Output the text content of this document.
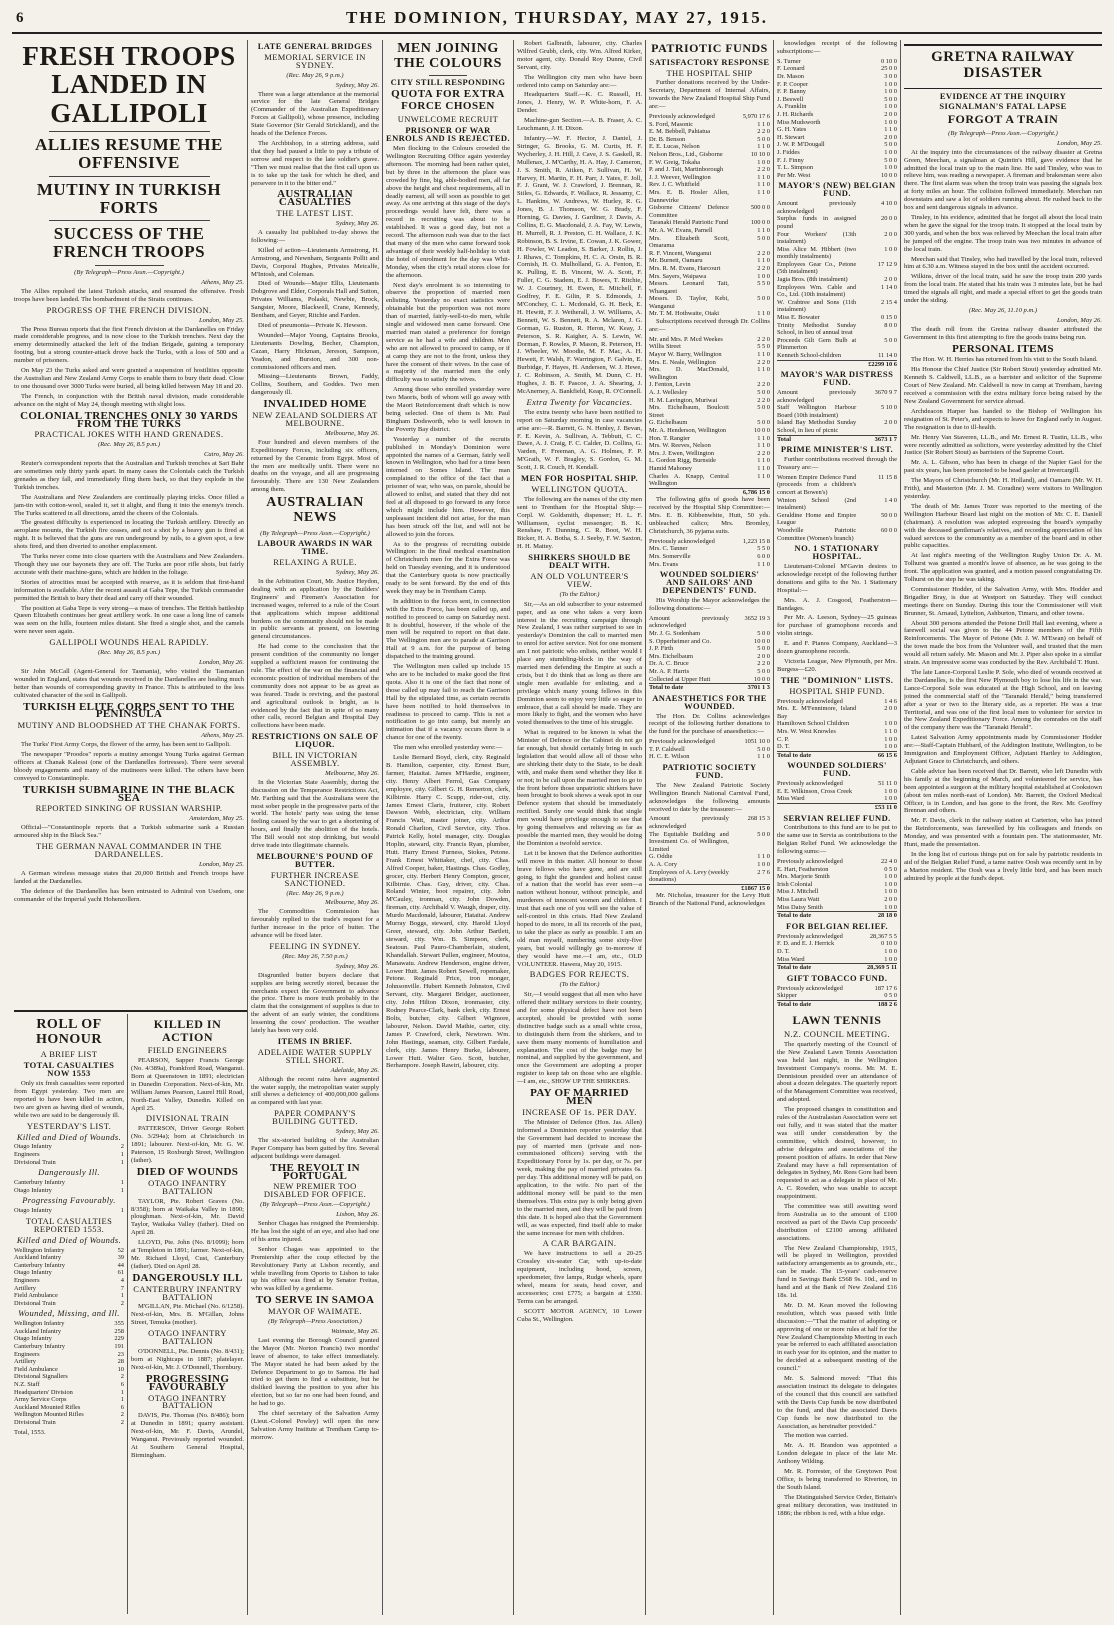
6	THE DOMINION, THURSDAY, MAY 27, 1915.
FRESH TROOPS LANDED IN GALLIPOLI
ALLIES RESUME THE OFFENSIVE
MUTINY IN TURKISH FORTS
SUCCESS OF THE FRENCH TROOPS
(By Telegraph—Press Assn.—Copyright.)
Athens, May 25.

The Allies repulsed the latest Turkish attacks, and resumed the offensive. Fresh troops have been landed. The bombardment of the Straits continues.

PROGRESS OF THE FRENCH DIVISION.
London, May 25.

The Press Bureau reports that the first French division at the Dardanelles on Friday made considerable progress, and is now close to the Turkish trenches. Next day the enemy determinedly attacked the left of the Indian Brigade, gaining a temporary footing, but a strong counter-attack drove back the Turks, with a loss of 500 and a number of prisoners.

On May 23 the Turks asked and were granted a suspension of hostilities opposite the Australian and New Zealand Army Corps to enable them to bury their dead. Close to one thousand over 3000 Turks were buried, all being killed between May 18 and 20.

The French, in conjunction with the British naval division, made considerable advance on the night of May 24, though meeting with slight loss.

COLONIAL TRENCHES ONLY 30 YARDS FROM THE TURKS
PRACTICAL JOKES WITH HAND GRENADES.
(Rec. May 26, 8.5 p.m.)
Cairo, May 26.

Reuter's correspondent reports that the Australian and Turkish trenches at Sari Bahr are sometimes only thirty yards apart. In many cases the Colonials catch the Turkish grenades as they fall, and immediately fling them back, so that they explode in the Turkish trenches.

The Australians and New Zealanders are continually playing tricks. Once filled a jam-tin with cotton-wool, sealed it, set it alight, and flung it into the enemy's trench. The Turks scattered in all directions, amid the cheers of the Colonials.

The greatest difficulty is experienced in locating the Turkish artillery. Directly an aeroplane mounts, the Turkish fire ceases, and not a shot by a heavy gun is fired at night. It is believed that the guns are run underground by rails, to a given spot, a few shots fired, and then diverted to another emplacement.

The Turks never come into close quarters with the Australians and New Zealanders. Though they use our bayonets they are off. The Turks are poor rifle shots, but fairly accurate with their machine-guns, which are hidden in the foliage.

Stories of atrocities must be accepted with reserve, as it is seldom that first-hand information is available. After the recent assault at Gaba Tepe, the Turkish commander permitted the British to bury their dead and carry off their wounded.

The position at Gaba Tepe is very strong—a mass of trenches. The British battleship Queen Elizabeth continues her great artillery work. In one case a long line of camels was seen on the hills, fourteen miles distant. She fired a single shot, and the camels were never seen again.

GALLIPOLI WOUNDS HEAL RAPIDLY.
(Rec. May 26, 8.5 p.m.)
London, May 26.

Sir John McCall (Agent-General for Tasmania), who visited the Tasmanian wounded in England, states that wounds received in the Dardanelles are healing much better than wounds of corresponding gravity in France. This is attributed to the less cultivated character of the soil in Gallipoli.

TURKISH ELITE CORPS SENT TO THE PENINSULA
MUTINY AND BLOODSHED AT THE CHANAK FORTS.
Athens, May 25.

The Turks' First Army Corps, the flower of the army, has been sent to Gallipoli.

The newspaper "Proodos" reports a mutiny amongst Young Turks against German officers at Chanak Kalessi (one of the Dardanelles fortresses). There were several bloody engagements and many of the mutineers were killed. The others have been conveyed to Constantinople.

TURKISH SUBMARINE IN THE BLACK SEA
REPORTED SINKING OF RUSSIAN WARSHIP.
Amsterdam, May 25.

Official—"Constantinople reports that a Turkish submarine sank a Russian armoured ship in the Black Sea."

THE GERMAN NAVAL COMMANDER IN THE DARDANELLES.
London, May 25.

A German wireless message states that 20,000 British and French troops have landed at the Dardanelles.

The defence of the Dardanelles has been entrusted to Admiral von Usedom, one commander of the Imperial yacht Hohenzollern.

ROLL OF HONOUR
A BRIEF LIST
TOTAL CASUALTIES NOW 1553

Only six fresh casualties were reported from Egypt yesterday. Two men are reported to have been killed in action, two are given as having died of wounds, while two are said to be dangerously ill.

YESTERDAY'S LIST.
Killed and Died of Wounds.
Otago Infantry	2
Engineers	1
Divisional Train	1
Dangerously Ill.
Canterbury Infantry	1
Otago Infantry	1
Progressing Favourably.
Otago Infantry	1
TOTAL CASUALTIES REPORTED 1553.
Killed and Died of Wounds.
Wellington Infantry	52
Auckland Infantry	39
Canterbury Infantry	44
Otago Infantry	61
Engineers	4
Artillery	7
Field Ambulance	1
Divisional Train	2
Wounded, Missing, and Ill.
Wellington Infantry	355
Auckland Infantry	258
Otago Infantry	229
Canterbury Infantry	191
Engineers	23
Artillery	28
Field Ambulance	10
Divisional Signallers	2
N.Z. Staff	6
Headquarters' Division	1
Army Service Corps	1
Auckland Mounted Rifles	6
Wellington Mounted Rifles	2
Divisional Train	2
Total, 1553.
KILLED IN ACTION
FIELD ENGINEERS

PEARSON, Sapper Francis George (No. 4/389a), Frankford Road, Wanganui. Born at Queenstown in 1891; electrician in Dunedin Corporation. Next-of-kin, Mr. William James Pearson, Laurel Hill Road, North-East Valley, Dunedin. Killed on April 25.

DIVISIONAL TRAIN

PATTERSON, Driver George Robert (No. 3/294a); born at Christchurch in 1891; labourer. Next-of-kin, Mr. G. W. Paterson, 15 Roxburgh Street, Wellington (father).

DIED OF WOUNDS
OTAGO INFANTRY BATTALION

TAYLOR, Pte. Robert Graves (No. 8/358); born at Waikaka Valley in 1890; ploughman. Next-of-kin, Mr. David Taylor, Waikaka Valley (father). Died on April 28.

LLOYD, Pte. John (No. 8/1099); born at Templeton in 1891; farmer. Next-of-kin, Mr. Richard Lloyd, Cust, Canterbury (father). Died on April 28.

DANGEROUSLY ILL
CANTERBURY INFANTRY BATTALION

M'GILLAN, Pte. Michael (No. 6/1258). Next-of-kin, Mrs. B. M'Gillan, Johns Street, Temuka (mother).

OTAGO INFANTRY BATTALION

O'DONNELL, Pte. Dennis (No. 8/431); born at Nightcaps in 1887; platelayer. Next-of-kin, Mr. J. O'Donnell, Thornbury.

PROGRESSING FAVOURABLY
OTAGO INFANTRY BATTALION

DAVIS, Pte. Thomas (No. 8/486); born at Dunedin in 1891; quarry assistant. Next-of-kin, Mr. F. Davis, Arundel, Wanganui. Previously reported wounded. At Southern General Hospital, Birmingham.

LATE GENERAL BRIDGES
MEMORIAL SERVICE IN SYDNEY.
(Rec. May 26, 9 p.m.)
Sydney, May 26.

There was a large attendance at the memorial service for the late General Bridges (Commander of the Australian Expeditionary Forces at Gallipoli), whose presence, including State Governor (Sir Gerald Strickland), and the heads of the Defence Forces.

The Archbishop, in a stirring address, said that they had paused a little to pay a tribute of sorrow and respect to the late soldier's grave. "Then we must realise that the first call upon us is to take up the task for which he died, and persevere in it to the bitter end."

AUSTRALIAN CASUALTIES
THE LATEST LIST.
Sydney, May 26.

A casualty list published to-day shows the following:—

Killed of action—Lieutenants Armstrong, H. Armstrong, and Newnham, Sergeants Pollit and Davis, Corporal Hughes, Privates Metcalfe, M'Intosh, and Coleman.

Died of Wounds—Major Ellis, Lieutenants Dobgrove and Elder, Corporals Hall and Sutton, Privates Williams, Polaski, Newbie, Brock, Sangster, Moore, Blackwell, Crane, Kennedy, Bentham, and Geyer, Ritchie and Farden.

Died of pneumonia—Private K. Hewson.

Wounded—Major Young, Captains Brooks, Lieutenants Dowling, Becher, Champion, Cazan, Harry Hickman, Jereson, Sampson, Yeadon, and Burston, and 300 non-commissioned officers and men.

Missing—Lieutenants Brown, Faddy, Collins, Southern, and Goddes. Two men dangerously ill.

INVALIDED HOME
NEW ZEALAND SOLDIERS AT MELBOURNE.
Melbourne, May 26.

Four hundred and eleven members of the Expeditionary Forces, including six officers, returned by the Ceramic from Egypt. Most of the men are medically unfit. There were no deaths on the voyage, and all are progressing favourably. There are 130 New Zealanders among them.

AUSTRALIAN NEWS
(By Telegraph—Press Assn.—Copyright.)
LABOUR AWARDS IN WAR TIME.
RELAXING A RULE.
Sydney, May 26.

In the Arbitration Court, Mr. Justice Heydon, dealing with an application by the Builders' Engineers' and Firemen's Association for increased wages, referred to a rule of the Court that applications which impose additional burdens on the community should not be made in public servants at present, on lowering general circumstances.

He had come to the conclusion that the present condition of the community no longer supplied a sufficient reason for continuing the rule. The effect of the war on the financial and economic position of individual members of the community does not appear to be as great as was feared. Trade is reviving, and the pastoral and agricultural outlook is bright, as is evidenced by the fact that in spite of so many other calls, record Belgian and Hospital Day collections have been made.

RESTRICTIONS ON SALE OF LIQUOR.
BILL IN VICTORIAN ASSEMBLY.
Melbourne, May 26.

In the Victorian State Assembly, during the discussion on the Temperance Restrictions Act, Mr. Farthing said that the Australians were the most sober people in the progressive parts of the world. The hotels' party was using the tense feeling caused by the war to get a shortening of hours, and finally the abolition of the hotels. The Bill would not stop drinking, but would drive trade into illegitimate channels.

MELBOURNE'S POUND OF BUTTER.
FURTHER INCREASE SANCTIONED.
(Rec. May 26, 9 p.m.)
Melbourne, May 26.

The Commodities Commission has favourably replied to the trade's request for a further increase in the price of butter. The advance will be fixed later.

FEELING IN SYDNEY.
(Rec. May 26, 7.50 p.m.)
Sydney, May 26.

Disgruntled butter buyers declare that supplies are being secretly stored, because the merchants expect the Government to advance the price. There is more truth probably in the claim that the consignment of supplies is due to the advent of an early winter, the conditions lessening the cows' production. The weather lately has been very cold.

ITEMS IN BRIEF.
ADELAIDE WATER SUPPLY STILL SHORT.
Adelaide, May 26.

Although the recent rains have augmented the water supply, the metropolitan water supply still shows a deficiency of 400,000,000 gallons as compared with last year.

PAPER COMPANY'S BUILDING GUTTED.
Sydney, May 26.

The six-storied building of the Australian Paper Company has been gutted by fire. Several adjacent buildings were damaged.

THE REVOLT IN PORTUGAL
NEW PREMIER TOO DISABLED FOR OFFICE.
(By Telegraph—Press Assn.—Copyright.)
Lisbon, May 26.

Senhor Chagas has resigned the Premiership. He has lost the sight of an eye, and also had one of his arms injured.

Senhor Chagas was appointed to the Premiership after the coup effected by the Revolutionary Party at Lisbon recently, and while travelling from Oporto to Lisbon to take up his office was fired at by Senator Freitas, who was killed by a gendarme.

TO SERVE IN SAMOA
MAYOR OF WAIMATE.
(By Telegraph—Press Association.)
Waimate, May 26.

Last evening the Borough Council granted the Mayor (Mr. Norton Francis) two months' leave of absence, to take effect immediately. The Mayor stated he had been asked by the Defence Department to go to Samoa. He had tried to get them to find a substitute, but he disliked leaving the position to you after his election, but so far no one had been found, and he had to go.

The chief secretary of the Salvation Army (Lieut.-Colonel Powley) will open the new Salvation Army Institute at Trentham Camp to-morrow.

MEN JOINING THE COLOURS
CITY STILL RESPONDING
QUOTA FOR EXTRA FORCE CHOSEN
UNWELCOME RECRUIT
PRISONER OF WAR ENROLS AND IS REJECTED.

Men flocking to the Colours crowded the Wellington Recruiting Office again yesterday afternoon. The morning had been rather quiet, but by three in the afternoon the place was crowded by fine, big, able-bodied men, all far above the height and chest requirements, all in deadly earnest, all will soon as possible to get away. As one arriving at this stage of the day's proceedings would have felt, there was a record in recruiting was about to be established. It was a good day, but not a record. The afternoon rush was due to the fact that many of the men who came forward took advantage of their weekly half-holiday to visit the hotel of enrolment for the day was Whit-Monday, when the city's retail stores close for the afternoon.

Next day's enrolment is so interesting to observe the proportion of married men enlisting. Yesterday no exact statistics were obtainable but the proportion was not more than of married, fairly-well-to-do men, while single and widowed men came forward. One married man stated a preference for foreign service as he had a wife and children. Men who are not allowed to proceed to camp, or if at camp they are not to the front, unless they have the consent of their wives. In the case of a majority of the married men the only difficulty was to satisfy the wives.

Among those who enrolled yesterday were two Maoris, both of whom will go away with the Maori Reinforcement draft which is now being selected. One of them is Mr. Paul Bingham Dodsworth, who is well known in the Poverty Bay district.

Yesterday a number of the recruits published in Monday's Dominion were appointed the names of a German, fairly well known in Wellington, who had for a time been interned on Somes Island. The man complained to the office of the fact that a prisoner of war, who was, on parole, should be allowed to enlist, and stated that they did not feel at all disposed to go forward in any force which might include him. However, this unpleasant incident did not arise, for the man has been struck off the list, and will not be allowed to join the forces.

As to the progress of recruiting outside Wellington: in the final medical examination of Christchurch men for the Extra Force was held on Tuesday evening, and it is understood that the Canterbury quota is now practically ready to be sent forward. By the end of this week they may be in Trentham Camp.

In addition to the forces sent, in connection with the Extra Force, has been called up, and notified to proceed to camp on Saturday next. It is doubtful, however, if the whole of the men will be required to report on that date. The Wellington men are to parade at Garrison Hall at 9 a.m. for the purpose of being dispatched to the training ground.

The Wellington men called up include 15 who are to be included to make good the first quota. Also it is one of the fact that none of those called up may fail to reach the Garrison Hall by the stipulated time, as certain recruits have been notified to hold themselves in readiness to proceed to camp. This is not a notification to go into camp, but merely an intimation that if a vacancy occurs there is a chance for one of the twenty.

The men who enrolled yesterday were:—

Leslie Bernard Boyd, clerk, city. Reginald B. Hamilton, carpenter, city. Ernest Burr, farmer, Hataitai. James M'Hardie, engineer, city. Henry Albert Ferrol, Gas Company employee, city. Gilbert G. H. Remerton, clerk, Kilbirnie. Harry C. Scupp, rider-out, city. James Ernest Claris, fruiterer, city. Robert Dawson Webb, electrician, city. William Francis Watt, master joiner, city. Arthur Ronald Charlton, Civil Service, city. Thos. Patrick Kelly, hotel manager, city. Douglas Hoplin, steward, city. Francis Ryan, plumber, Hutt. Harry Ernest Furness, Stokes, Petone. Frank Ernest Whittaker, chef, city. Chas. Alfred Cooper, baker, Hastings. Chas. Godley, grocer, city. Herbert Henry Compton, grocer, Kilbirnie. Chas. Guy, driver, city. Chas. Roland Winter, boot repairer, city. John M'Cauley, ironman, city. John Dowden, fireman, city. Archibald V. Waugh, draper, city. Murdo Macdonald, labourer, Hataitai. Andrew Murray Boggs, steward, city. Harold Lloyd Greer, steward, city. John Arthur Bartlett, steward, city. Wm. B. Simpson, clerk, Seatoun. Paul Pauro-Chamberlain, student, Khandallah. Stewart Pullen, engineer, Moutoa, Manawatu. Andrew Henderson, engine driver, Lower Hutt. James Robert Sewell, ropemaker, Petone. Reginald Price, iron monger, Johnsonville. Hubert Kenneth Johnston, Civil Servant, city. Margaret Bridger, auctioneer, city. John Hilton Dixon, ironmaster, city. Rodney Pearce-Clark, bank clerk, city. Ernest Bolts, butcher, city. Gilbert Wigmore, labourer, Nelson. David Mathie, carter, city. James P. Crawford, clerk, Newtown. Wm. John Hastings, seaman, city. Gilbert Fardale, clerk, city. James Henry Burke, labourer, Lower Hutt. Walter Geo. Scott, butcher, Berhampore. Joseph Rawiri, labourer, city.

Robert Galbraith, labourer, city. Charles Wilfred Grubb, clerk, city. Wm. Alfred Kirker, motor agent, city. Donald Roy Dunne, Civil Servant, city.

The Wellington city men who have been ordered into camp on Saturday are:—

Headquarters Staff.—K. C. Russell, H. Jones, J. Henry, W. P. White-horn, F. A. Dender.

Machine-gun Section.—A. B. Fraser, A. C. Leuchmann, J. H. Dixon.

Infantry.—W. F. Hector, J. Daniel, J. Stringer, G. Brooks, G. M. Curtis, H. F. Wycherley, J. H. Hill, J. Cave, J. S. Gaskell, R. Mullenax, J. M'Carthy, H. A. Hay, J. Cameron, J. S. Smith, R. Aitken, F. Sullivan, H. W. Harvey, H. Martin, F. H. Parr, J. Yates, F. Joll, F. J. Grant, W. J. Crawford, J. Brennan, R. Stiles, G. Edwards, F. Wallace, R. Jessamy, C. L. Hankins, W. Andrews, W. Hurley, R. G. Jones, B. J. Thomson, W. G. Brady, F. Horning, G. Davies, J. Gardiner, J. Davis, A. Collins, E. G. Macdonald, J. A. Fay, W. Lewis, H. Murrell, R. J. Preston, C. H. Wallace, J. K. Robinson, B. S. Irvine, E. Cowan, J. K. Gower, H. Fowler, W. Leadon, S. Barker, J. Rollin, J. J. Rhaws, C. Tompkins, H. C. A. Orsin, B. R. Cornish, H. O. Mulholland, G. A. Fenton, E. K. Pulling, E. B. Vincent, W. A. Scott, F. Fuller, C. G. Stadem, E. J. Bowes, T. Ritchie, W. J. Courtney, H. Ewen, E. Mitchell, F. Godfrey, F. E. Gilin, P. S. Edmonds, J. M'Conchey, C. L. Mcdonald, G. H. Beck, E. H. Hewitt, F. J. Wetherall, J. W. Williams, A. Bennett, W. S. Bennett, R. A. Mclaren, J. G. Gorman, G. Ruston, R. Heron, W. Keay, J. Peterson, S. R. Kaigher, A. S. Lewin, W. Dorman, F. Rowles, P. Mason, R. Peterson, H. J. Wheeler, W. Moodie, M. F. Mac, A. H. Hewett, F. Walsh, F. Warrington, F. Galvin, E. Burbidge, F. Hayes, H. Andersen, W. J. Hewe, J. C. Robinson, A. Smith, M. Dunn, C. H. Hughes, J. B. F. Pascoe, J. A. Shearing, J. McAnerney, A. Bankfield, Keap, R. O'Connell.

Extra Twenty for Vacancies.

The extra twenty who have been notified to report on Saturday morning in case vacancies arise are:—R. Barrett, G. N. Henley, J. Bevan, F. E. Kevin, A. Sullivan, A. Tebbutt, C. C. Dawe, A. J. Craig, F. C. Calder, D. Collins, G. Varden, F. Freeman, A. G. Holmes, F. P. M'Grath, W. F. Bragley, S. Gordon, G. M. Scott, J. R. Couch, H. Kendall.

MEN FOR HOSPITAL SHIP.
WELLINGTON QUOTA.

The following are the names of the city men sent to Trentham for the Hospital Ship:—Corpl. W. Goldsmith, dispenser; H. L. F. Williamson, cyclist messenger; B. K. Renshaw, F. Dunning, C. R. Boot, W. H. Bicker, H. A. Botha, S. J. Seeby, F. W. Saxton, H. H. Mattey.

SHIRKERS SHOULD BE DEALT WITH.
AN OLD VOLUNTEER'S VIEW.
(To the Editor.)

Sir,—As an old subscriber to your esteemed paper, and as one who takes a very keen interest in the recruiting campaign through New Zealand, I was rather surprised to see in yesterday's Dominion the call to married men to enrol for active service. Not for one moment am I not patriotic who enlists, neither would I place any stumbling-block in the way of married men defending the Empire at such a crisis, but I do think that as long as there are single men available for enlisting, and a privilege which many young fellows in this Dominion seem to enjoy very little so eager to embrace, that a call should be made. They are more likely to fight, and the women who have voted themselves to the time of his struggle.

What is required to be known is what the Minister of Defence or the Cabinet do not go far enough, but should certainly bring in such legislation that would allow all of those who are shirking their duty to the State, to be dealt with, and make them send whether they like it or not; to be call upon the married men to go to the front before those unpatriotic shirkers have been brought to book shows a weak spot in our Defence system that should be immediately rectified. Surely one would think that single men would have privilege enough to see that by going themselves and relieving as far as possible the married men, they would be doing the Dominion a twofold service.

Let it be known that the Defence authorities will move in this matter. All honour to those brave fellows who have gone, and are still going, to fight the grandest and holiest cause of a nation that the world has ever seen—a nation without honour, without principle, and murderers of innocent women and children. I trust that each one of you will see the value of self-control in this crisis. Had New Zealand hoped to do more, in all its records of the past, to take the place as early as possible. I am an old man myself, numbering some sixty-five years, but would willingly go to-morrow if they would have me.—I am, etc., OLD VOLUNTEER. Hawera, May 20, 1915.

BADGES FOR REJECTS.
(To the Editor.)

Sir,—I would suggest that all men who have offered their military services to their country, and for some physical defect have not been accepted, should be provided with some distinctive badge such as a small white cross, to distinguish them from the shirkers, and to save them many moments of humiliation and explanation. The cost of the badge may be nominal, and supplied by the government, and once the Government are adopting a proper register to keep tab on those who are eligible.—I am, etc., SHOW UP THE SHIRKERS.

PAY OF MARRIED MEN
INCREASE OF 1s. PER DAY.

The Minister of Defence (Hon. Jas. Allen) informed a Dominion reporter yesterday that the Government had decided to increase the pay of married men (private and non-commissioned officers) serving with the Expeditionary Force by 1s. per day, or 7s. per week, making the pay of married privates 6s. per day. This additional money will be paid, on application, to the wife. No part of the additional money will be paid to the men themselves. This extra pay is only being given to the married men, and they will be paid from this date. It is hoped also that the Government will, as was expected, find itself able to make the same increase for men with children.

A CAR BARGAIN.

We have instructions to sell a 20-25 Crossley six-seater Car, with up-to-date equipment, including hood, screen, speedometer, five lamps, Rudge wheels, spare wheel, means for seats, head cover, and accessories; cost £775; a bargain at £350. Terms can be arranged.

SCOTT MOTOR AGENCY, 10 Lower Cuba St., Wellington.

PATRIOTIC FUNDS
SATISFACTORY RESPONSE
THE HOSPITAL SHIP

Further donations received by the Under-Secretary, Department of Internal Affairs, towards the New Zealand Hospital Ship Fund are:—

Previously acknowledged	5,970 17 6
S. Ford, Masonic	1 1 0
E. M. Bebbell, Pahiatua	2 2 0
Dr. B. Benson	5 0 0
E. E. Lucas, Nelson	1 1 0
Nelson Bros., Ltd., Gisborne	10 10 0
F. W. Greig, Tokaha	1 0 0
P. and J. Tait, Martinborough	2 2 0
J. J. Weever, Wellington	1 1 0
Rev. J. C. Whitfield	1 1 0
Mrs. E. B. Hosler Allen, Dannevirke	1 1 0
Gisborne Citizens' Defence Committee	500 0 0
Taranaki Herald Patriotic Fund	100 0 0
Mr. A. W. Evans, Parnell	1 1 0
Mrs. Elizabeth Scott, Omarama	5 0 0
R. F. Vincent, Wanganui	2 2 0
Mr. Burnett, Oamaru	1 1 0
Mrs. R. M. Evans, Harcourt	2 2 0
Mrs. Sayers, Waipawa	1 0 0
Messrs. Leonard Tait, Whangarei	5 5 0
Messrs. D. Taylor, Kebi, Wanganui	5 0 0
Mr. T. M. Hothwaite, Otaki	1 1 0

Subscriptions received through Dr. Collins are:—

Mr. and Mrs. P. Mcd Weekes	2 2 0
Willis Street	5 5 0
Mayor W. Barry, Wellington	1 1 0
Mrs. E. Neale, Wellington	2 2 0
Mrs. D. MacDonald, Wellington	1 1 0
J. Fenton, Levin	2 2 0
A. J. Wellesley	5 0 0
H. M. Lavington, Muriwai	2 2 0
Mrs. Eichelbaum, Boulcott Street	5 0 0
G. Eichelbaum	5 0 0
Mr. A. Henderson, Wellington	10 0 0
Hon. T. Rangier	1 1 0
Mrs. W. Reeves, Nelson	1 1 0
Mrs. J. Ewen, Wellington	2 2 0
L. Gordon Rigg, Burnside	1 1 0
Hamid Mahoney	1 1 0
Charles A. Knapp, Central Wellington	1 1 0
	6,786 15 0

The following gifts of goods have been received by the Hospital Ship Committee:—Mrs. E. B. Kibbenwhite, Hutt, 50 yds. unbleached calico; Mrs. Bromley, Christchurch, 36 pyjama suits.

Previously acknowledged	1,223 15 8
Mrs. C. Tanner	5 5 0
Mrs. Somerville	6 0 0
Mrs. Evans	1 1 0
WOUNDED SOLDIERS' AND SAILORS' AND DEPENDENTS' FUND.

His Worship the Mayor acknowledges the following donations:—

Amount previously acknowledged	3652 19 3
Mr. J. G. Sodenham	5 0 0
S. Opperheimer and Co.	10 0 0
J. P. Firth	5 0 0
Mrs. Eichelbaum	2 0 0
Dr. A. C. Bruce	2 2 0
Mr. A. P. Harris	5 0 0
Collected at Upper Hutt	10 0 0
Total to date	3701 1 3
ANAESTHETICS FOR THE WOUNDED.

The Hon. Dr. Collins acknowledges receipt of the following further donations to the fund for the purchase of anaesthetics:—

Previously acknowledged	1051 10 0
T. P. Caldwell	5 0 0
H. C. E. Wilson	1 1 0
PATRIOTIC SOCIETY FUND.

The New Zealand Patriotic Society Wellington Branch National Carnival Fund, acknowledges the following amounts received to date by the treasurer:—

Amount previously acknowledged	268 15 3
The Equitable Building and Investment Co. of Wellington, Limited	5 0 0
G. Oddie	1 1 0
A. A. Cory	1 0 0
Employees of A. Levy (weekly donations)	2 7 6
	£1867 15 0

Mr. Nicholas, treasurer for the Levy Hutt Branch of the National Fund, acknowledges

knowledges receipt of the following subscriptions:—

S. Turner	0 10 0
F. Leonard	25 0 0
Dr. Mason	3 0 0
F. P. Cooper	1 0 0
F. P. Banny	1 0 0
J. Beswell	5 0 0
A. Franklin	1 0 0
J. H. Richards	2 0 0
Miss Mudsworth	1 0 0
G. H. Yates	1 1 0
H. Stewart	2 0 0
J. W. P. M'Dougall	5 0 0
J. Fiddes	1 0 0
F. J. Finny	5 0 0
T. L. Simpson	1 0 0
Per Mr. West	10 0 0
MAYOR'S (NEW) BELGIAN FUND.
Amount previously acknowledged	4 10 0
Surplus funds in assigned pound	20 0 0
Four Workers' (13th instalment)	2 0 0
Miss Alice M. Hibbert (two monthly instalments)	1 0 0
Employees Gear Co., Petone (5th instalment)	17 12 9
Jagia Bros. (8th instalment)	2 0 0
Employees Wm. Cable and Co., Ltd. (10th instalment)	1 14 0
W. Crabtree and Sons (11th instalment)	2 15 4
Miss E. Bowater	0 15 0
Trinity Methodist Sunday School, in lieu of annual treat	8 0 0
Proceeds Gilt Gem Bulb at Plimmerton	5 0 0
Kenneth School-children	11 14 0
	£2299 10 6
MAYOR'S WAR DISTRESS FUND.
Amount previously acknowledged	3670 9 7
Staff Wellington Harbour Board (10th instalment)	5 10 0
Island Bay Methodist Sunday School, in lieu of picnic	2 0 0
Total	3673 1 7
PRIME MINISTER'S LIST.

Further contributions received through the Treasury are:—

Women Empire Defence Fund (proceeds from a children's concert at Bowen's)	11 15 8
Winton School (2nd instalment)	1 4 0
Geraldine Home and Empire League	50 0 0
Woodville Patriotic Committee (Women's branch)	60 0 0
NO. 1 STATIONARY HOSPITAL.

Lieutenant-Colonel M'Gavin desires to acknowledge receipt of the following further donations and gifts to the No. 1 Stationary Hospital:—

Mrs. A. J. Cosgood, Featherston—Bandages.

Per Mr. A. Leeson, Sydney—25 guineas for purchase of gramophone records and violin strings.

E. and F. Pianos Company, Auckland—3 dozen gramophone records.

Victoria League, New Plymouth, per Mrs. Burgess—£20.

THE "DOMINION" LISTS.
HOSPITAL SHIP FUND.
Previously acknowledged	1 4 6
Mrs. E. M'Fennimore, Island Bay	2 0 0
Hamiltown School Children	1 0 0
Mrs. W. West Knowles	1 1 0
C. P.	1 0 0
D. T.	1 0 0
Total to date	66 15 6
WOUNDED SOLDIERS' FUND.
Previously acknowledged	51 11 0
E. E. Wilkinson, Cross Creek	1 0 0
Miss Ward	1 0 0
	£53 11 0
SERVIAN RELIEF FUND.

Contributions to this fund are to be put to the same use in Servia as contributions to the Belgian Relief Fund. We acknowledge the following sums:—

Previously acknowledged	22 4 0
E. Hart, Featherston	0 5 0
Mrs. Marjorie Smith	1 0 0
Irish Colonial	1 0 0
Miss J. Mitchell	1 0 0
Miss Laura Watt	2 0 0
Miss Daisy Smith	1 0 0
Total to date	28 18 0
FOR BELGIAN RELIEF.
Previously acknowledged	28,367 5 5
F. D. and E. J. Herrick	0 10 0
D. T.	1 0 0
Miss Ward	1 0 0
Total to date	28,369 5 11
GIFT TOBACCO FUND.
Previously acknowledged	187 17 6
Skipper	0 5 0
Total to date	188 2 6
LAWN TENNIS
N.Z. COUNCIL MEETING.

The quarterly meeting of the Council of the New Zealand Lawn Tennis Association was held last night, in the Wellington Investment Company's rooms. Mr. M. E. Dennistoun presided over an attendance of about a dozen delegates. The quarterly report of the Management Committee was received, and adopted.

The proposed changes in constitution and rules of the Australasian Association were set out fully, and it was stated that the matter was still under consideration by the committee, which desired, however, to advise delegates and associations of the present position of affairs. In order that New Zealand may have a full representation of delegates in Sydney, Mr. Rees Gore had been requested to act as a delegate in place of Mr. A. C. Rowden, who was unable to accept reappointment.

The committee was still awaiting word from Australia as to the amount of £100 received as part of the Davis Cup proceeds' distribution of £2100 among affiliated associations.

The New Zealand Championship, 1915, will be played in Wellington, provided satisfactory arrangements as to grounds, etc., can be made. The 15-years' cash-reserve fund in Savings Bank £568 9s. 10d., and in hand and at the Bank of New Zealand £16 18s. 1d.

Mr. D. M. Kean moved the following resolution, which was passed with little discussion:—"That the matter of adopting or approving of one or more rules at half for the New Zealand Championship Meeting in each year be referred to each affiliated association in each year for its opinion, and the matter to be decided at a subsequent meeting of the council."

Mr. S. Salmond moved: "That this association instruct its delegate to delegates of the council that this council are satisfied with the Davis Cup funds be now distributed to the fund, and that the associated Davis Cup funds be now distributed to the Association, as hereinafter provided."

The motion was carried.

Mr. A. H. Brandon was appointed a London delegate in place of the late Mr. Anthony Wilding.

Mr. R. Forrester, of the Greytown Post Office, is being transferred to Riverton, in the South Island.

The Distinguished Service Order, Britain's great military decoration, was instituted in 1886; the ribbon is red, with a blue edge.

GRETNA RAILWAY DISASTER
EVIDENCE AT THE INQUIRY
SIGNALMAN'S FATAL LAPSE
FORGOT A TRAIN
(By Telegraph—Press Assn.—Copyright.)
London, May 25.

At the inquiry into the circumstances of the railway disaster at Gretna Green, Meechan, a signalman at Quintin's Hill, gave evidence that he admitted the local train up to the main line. He said Tinsley, who was to relieve him, was reading a newspaper. A fireman and brakesman were also there. The first alarm was when the troop train was passing the signals box at forty miles an hour. The collision followed immediately. Meechan ran downstairs and saw a lot of soldiers running about. He rushed back to the box and sent dangerous signals in advance.

Tinsley, in his evidence, admitted that he forgot all about the local train when he gave the signal for the troop train. It stopped at the local train by 300 yards, and when the box was relieved by Meechan the local train after he jumped off the engine. The troop train was two minutes in advance of the local train.

Meechan said that Tinsley, who had travelled by the local train, relieved him at 6.30 a.m. Witness stayed in the box until the accident occurred.

Wilkins, driver of the local train, said he saw the troop train 200 yards from the local train. He stated that his train was 3 minutes late, but he had timed the signals all right, and made a special effort to get the goods train under the siding.

(Rec. May 26, 11.10 p.m.)
London, May 26.

The death roll from the Gretna railway disaster attributed the Government in this first attempting to fire the goods trains being run.

PERSONAL ITEMS

The Hon. W. H. Herries has returned from his visit to the South Island.

His Honour the Chief Justice (Sir Robert Stout) yesterday admitted Mr. Kenneth S. Caldwell, LL.B., as a barrister and solicitor of the Supreme Court of New Zealand. Mr. Caldwell is now in camp at Trentham, having received a commission with the extra military force being raised by the New Zealand Government for service abroad.

Archdeacon Harper has handed to the Bishop of Wellington his resignation of St. Peter's, and expects to leave for England early in August. The resignation is due to ill-health.

Mr. Henry Van Staveren, LL.B., and Mr. Ernest R. Tustin, LL.B., who were recently admitted as solicitors, were yesterday admitted by the Chief Justice (Sir Robert Stout) as barristers of the Supreme Court.

Mr. A. L. Gibson, who has been in charge of the Napier Gaol for the past six years, has been promoted to be head gaoler at Invercargill.

The Mayors of Christchurch (Mr. H. Holland), and Oamaru (Mr. W. H. Frith), and Masterton (Mr. J. M. Coradine) were visitors to Wellington yesterday.

The death of Mr. James Tozer was reported to the meeting of the Wellington Harbour Board last night on the motion of Mr. C. E. Daniell (chairman). A resolution was adopted expressing the board's sympathy with the deceased gentleman's relatives, and recording appreciation of his valued services to the community as a member of the board and in other public capacities.

At last night's meeting of the Wellington Rugby Union Dr. A. M. Tolhurst was granted a month's leave of absence, as he was going to the front. The application was granted, and a motion passed congratulating Dr. Tolhurst on the step he was taking.

Commissioner Hodder, of the Salvation Army, with Mrs. Hodder and Brigadier Bray, is due at Westport on Saturday. They will conduct meetings there on Sunday. During this tour the Commissioner will visit Brunner, St. Arnaud, Lyttelton, Ashburton, Timaru, and other towns.

About 300 persons attended the Petone Drill Hall last evening, where a farewell social was given to the 44 Petone members of the Fifth Reinforcements. The Mayor of Petone (Mr. J. W. M'Ewan) on behalf of the town made the box from the Volunteer wall, and trusted that the men would all return safely. Mr. Mason and Mr. J. Piper also spoke in a similar strain. An impressive scene was conducted by the Rev. Archibald T. Hunt.

The late Lance-Corporal Leslie P. Sole, who died of wounds received at the Dardanelles, is the first New Plymouth boy to lose his life in the war. Lance-Corporal Sole was educated at the High School, and on leaving joined the commercial staff of the "Taranaki Herald," being transferred after a year or two to the literary side, as a reporter. He was a true Territorial, and was one of the first local men to volunteer for service in the New Zealand Expeditionary Force. Among the comrades on the staff of the company there was the "Taranaki Herald".

Latest Salvation Army appointments made by Commissioner Hodder are:—Staff-Captain Hubbard, of the Addington Institute, Wellington, to be Immigration and Employment Officer, Adjutant Hartley to Addington, Adjutant Grace to Christchurch, and others.

Cable advice has been received that Dr. Barrett, who left Dunedin with his family at the beginning of March, and volunteered for service, has been appointed a surgeon at the military hospital established at Cookstown (about ten miles north-east of London). Mr. Barrett, the Oxford Medical Officer, is in London, and has gone to the front, the Rev. Mr. Geoffrey Brennan and others.

Mr. F. Davis, clerk in the railway station at Carterton, who has joined the Reinforcements, was farewelled by his colleagues and friends on Monday, and was presented with a fountain pen. The stationmaster, Mr. Hunt, made the presentation.

In the long list of curious things put on for sale by patriotic residents in aid of the Belgian Relief Fund, a tame native Oosh was recently sent in by a Marton resident. The Oosh was a lively little bird, and has been much admired by people at the fund's depot.
